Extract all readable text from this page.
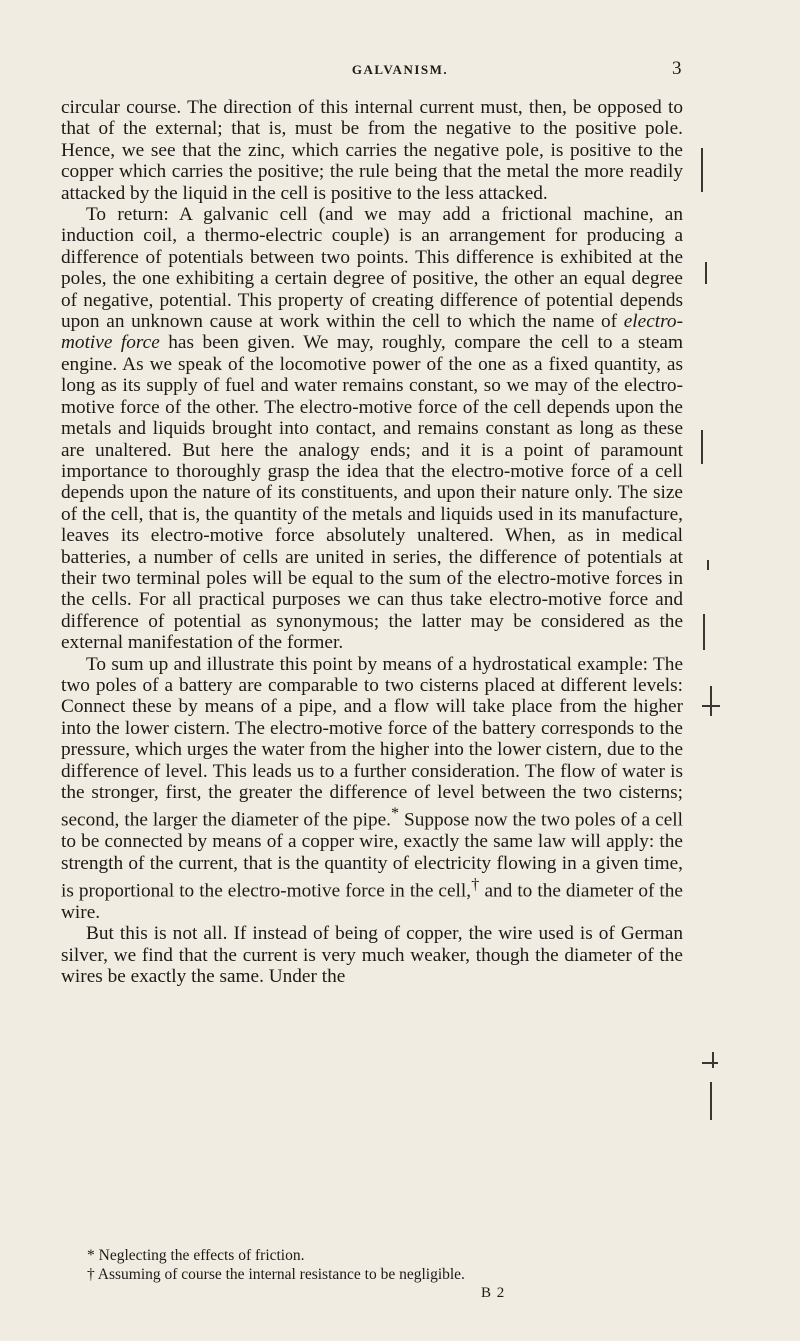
GALVANISM.	3

circular course. The direction of this internal current must, then, be opposed to that of the external; that is, must be from the negative to the positive pole. Hence, we see that the zinc, which carries the negative pole, is positive to the copper which carries the positive; the rule being that the metal the more readily attacked by the liquid in the cell is positive to the less attacked.

To return: A galvanic cell (and we may add a frictional machine, an induction coil, a thermo-electric couple) is an arrangement for producing a difference of potentials between two points. This difference is exhibited at the poles, the one exhibiting a certain degree of positive, the other an equal degree of negative, potential. This property of creating difference of potential depends upon an unknown cause at work within the cell to which the name of electro-motive force has been given. We may, roughly, compare the cell to a steam engine. As we speak of the locomotive power of the one as a fixed quantity, as long as its supply of fuel and water remains constant, so we may of the electro-motive force of the other. The electro-motive force of the cell depends upon the metals and liquids brought into contact, and remains constant as long as these are unaltered. But here the analogy ends; and it is a point of paramount importance to thoroughly grasp the idea that the electro-motive force of a cell depends upon the nature of its constituents, and upon their nature only. The size of the cell, that is, the quantity of the metals and liquids used in its manufacture, leaves its electro-motive force absolutely unaltered. When, as in medical batteries, a number of cells are united in series, the difference of potentials at their two terminal poles will be equal to the sum of the electro-motive forces in the cells. For all practical purposes we can thus take electro-motive force and difference of potential as synonymous; the latter may be considered as the external manifestation of the former.

To sum up and illustrate this point by means of a hydrostatical example: The two poles of a battery are comparable to two cisterns placed at different levels: Connect these by means of a pipe, and a flow will take place from the higher into the lower cistern. The electro-motive force of the battery corresponds to the pressure, which urges the water from the higher into the lower cistern, due to the difference of level. This leads us to a further consideration. The flow of water is the stronger, first, the greater the difference of level between the two cisterns; second, the larger the diameter of the pipe.* Suppose now the two poles of a cell to be connected by means of a copper wire, exactly the same law will apply: the strength of the current, that is the quantity of electricity flowing in a given time, is proportional to the electro-motive force in the cell,† and to the diameter of the wire.

But this is not all. If instead of being of copper, the wire used is of German silver, we find that the current is very much weaker, though the diameter of the wires be exactly the same. Under the

* Neglecting the effects of friction.

† Assuming of course the internal resistance to be negligible.

B 2
